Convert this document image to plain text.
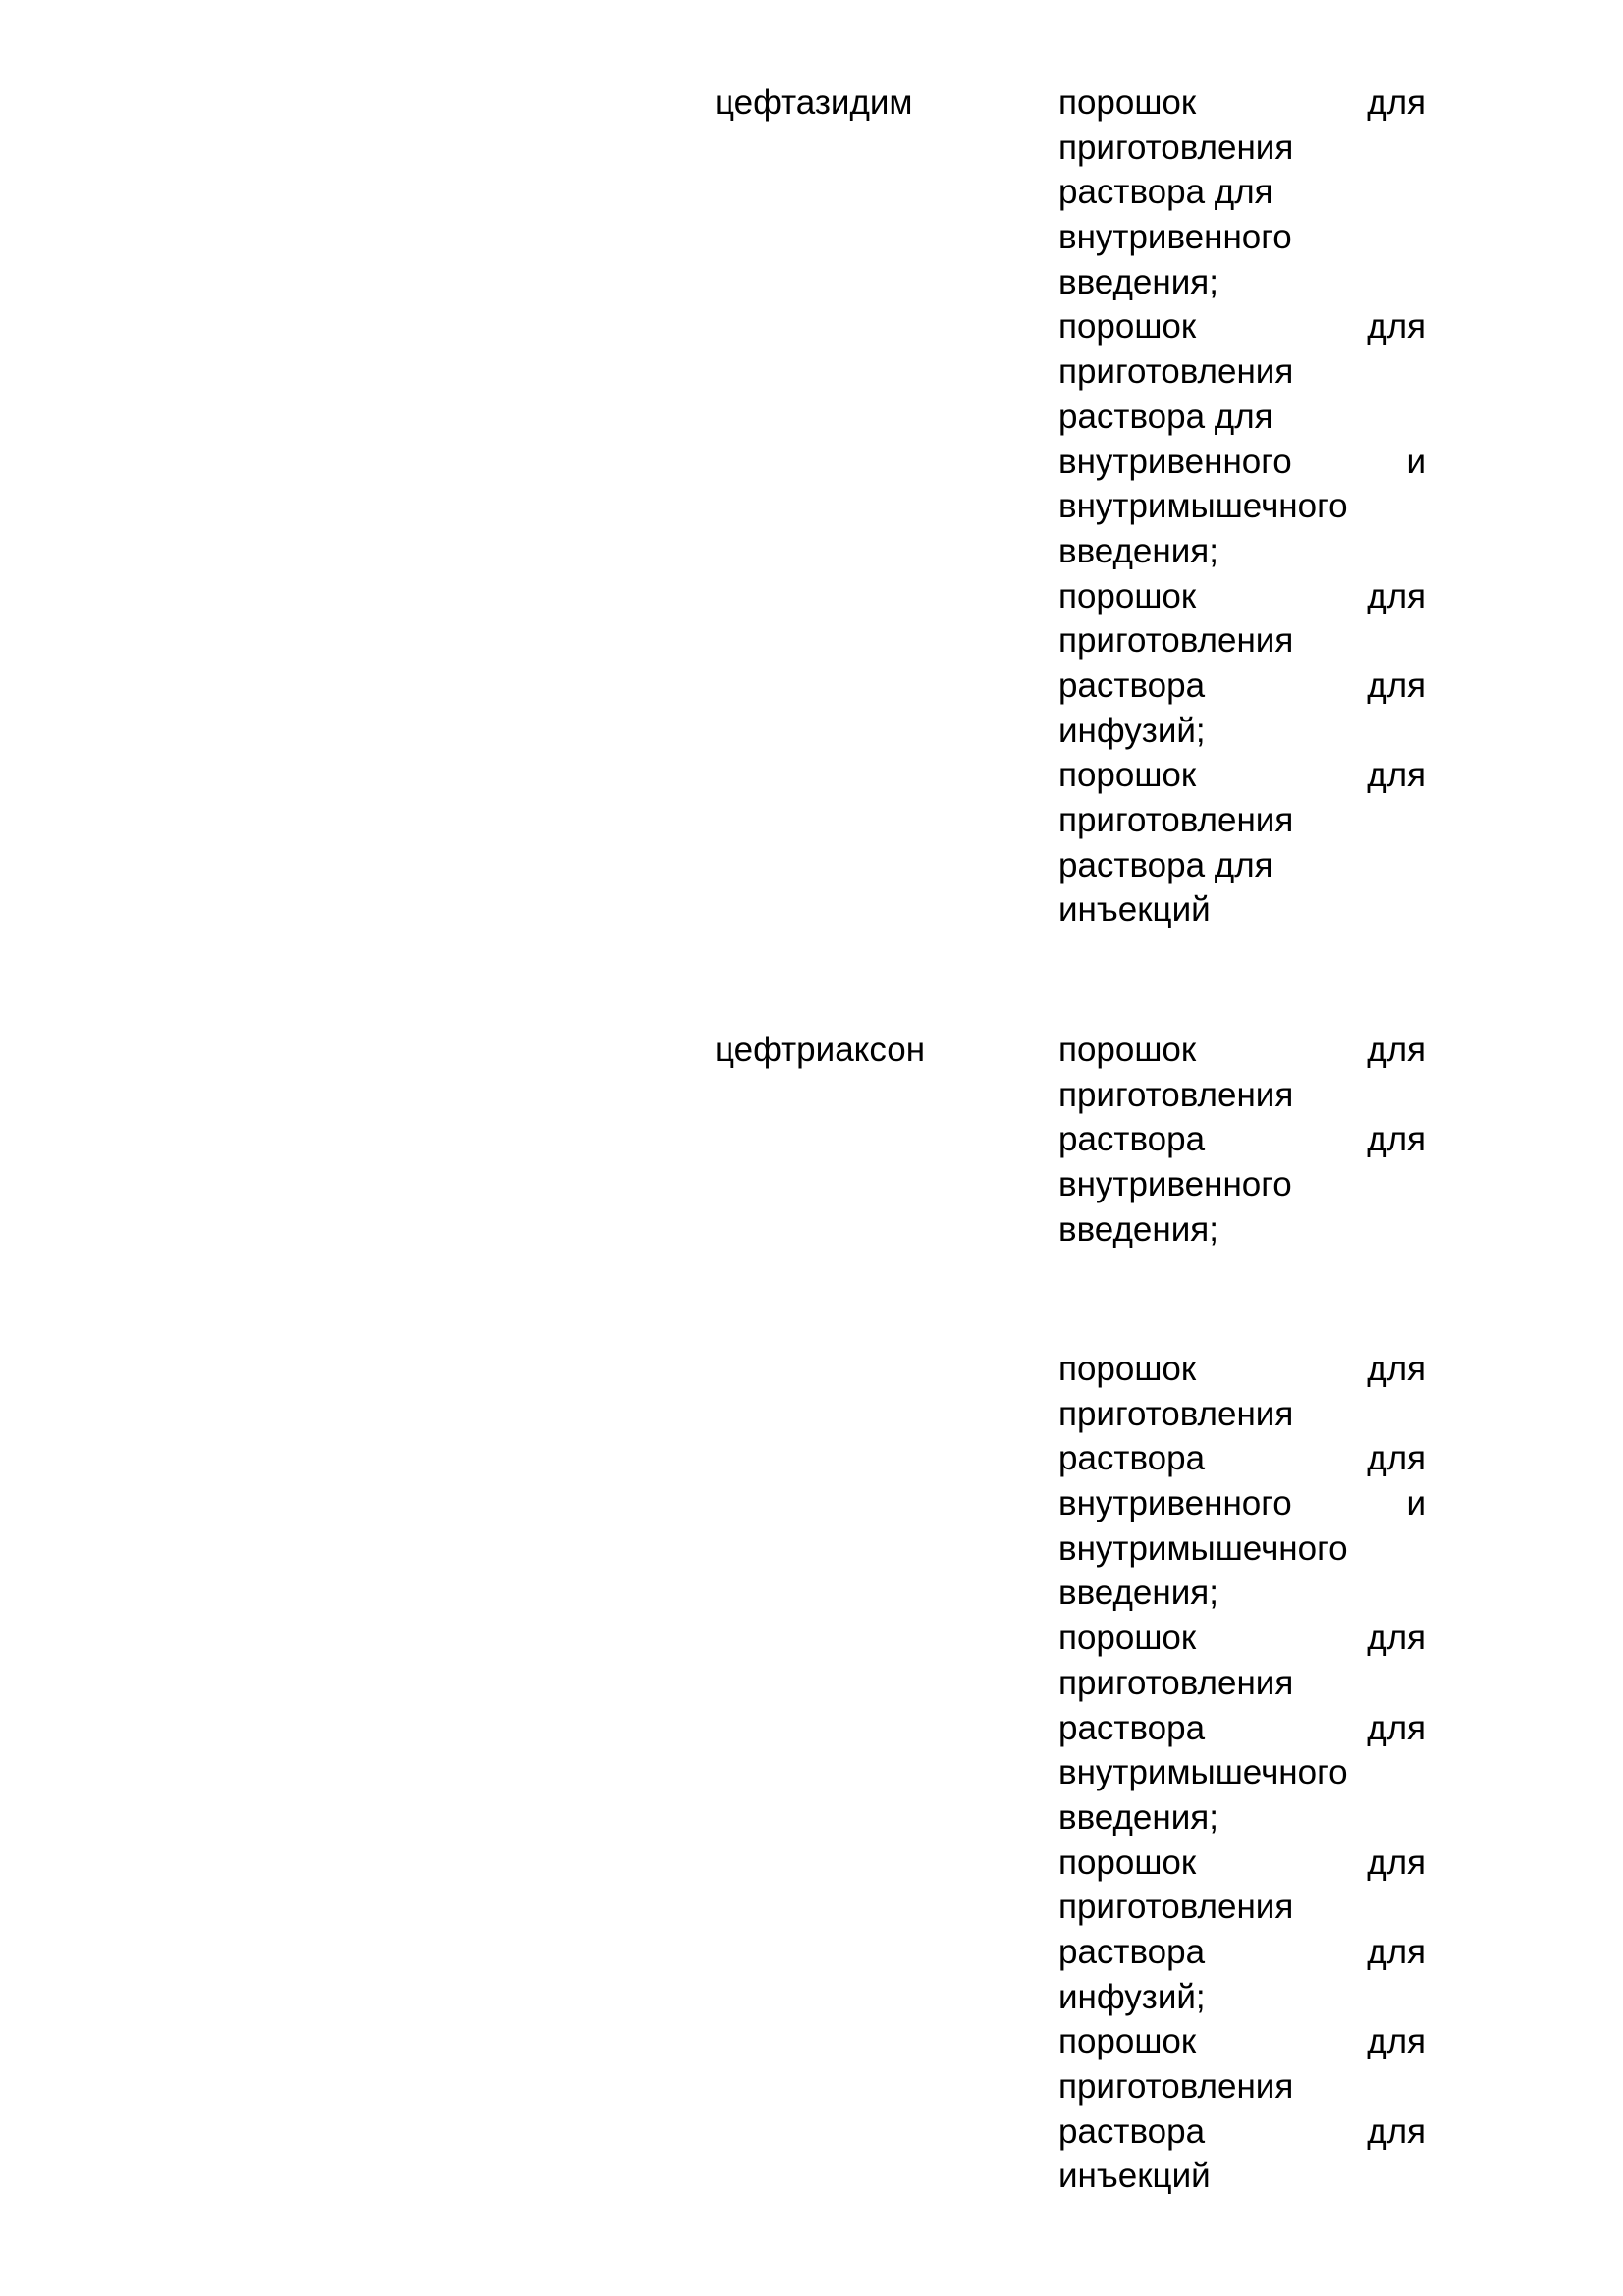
цефтазидим	порошок	для
приготовления
раствора для
внутривенного
введения;
порошок	для
приготовления
раствора для
внутривенного	и
внутримышечного
введения;
порошок	для
приготовления
раствора	для
инфузий;
порошок	для
приготовления
раствора для
инъекций
цефтриаксон	порошок	для
приготовления
раствора	для
внутривенного
введения;
порошок	для
приготовления
раствора	для
внутривенного	и
внутримышечного
введения;
порошок	для
приготовления
раствора	для
внутримышечного
введения;
порошок	для
приготовления
раствора	для
инфузий;
порошок	для
приготовления
раствора	для
инъекций
